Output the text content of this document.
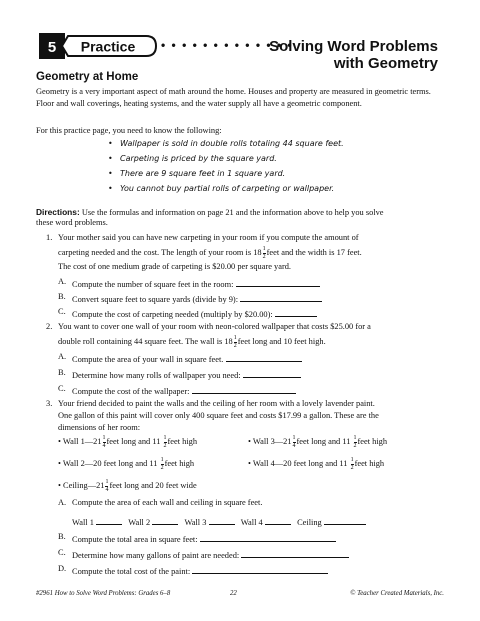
5 Practice • • • • • • • • • • • • •
Solving Word Problems
with Geometry
Geometry at Home
Geometry is a very important aspect of math around the home. Houses and property are measured in geometric terms. Floor and wall coverings, heating systems, and the water supply all have a geometric component.
For this practice page, you need to know the following:
• Wallpaper is sold in double rolls totaling 44 square feet.
• Carpeting is priced by the square yard.
• There are 9 square feet in 1 square yard.
• You cannot buy partial rolls of carpeting or wallpaper.
Directions: Use the formulas and information on page 21 and the information above to help you solve
these word problems.
1. Your mother said you can have new carpeting in your room if you compute the amount of
carpeting needed and the cost. The length of your room is $18 \frac{1}{2}$ feet and the width is 17 feet.
The cost of one medium grade of carpeting is $20.00 per square yard.
A. Compute the number of square feet in the room:
B. Convert square feet to square yards (divide by 9):
C. Compute the cost of carpeting needed (multiply by $20.00):
2. You want to cover one wall of your room with neon-colored wallpaper that costs $25.00 for a
double roll containing 44 square feet. The wall is $18 \frac{1}{2}$ feet long and 10 feet high.
A. Compute the area of your wall in square feet.
B. Determine how many rolls of wallpaper you need:
C. Compute the cost of the wallpaper:
3. Your friend decided to paint the walls and the ceiling of her room with a lovely lavender paint.
One gallon of this paint will cover only 400 square feet and costs $17.99 a gallon. These are the
dimensions of her room:
• Wall 1—21 $\frac{1}{4}$ feet long and $11 \frac{1}{2}$ feet high	• Wall 3—21 $\frac{1}{4}$ feet long and $11 \frac{1}{2}$ feet high
• Wall 2—20 feet long and $11 \frac{1}{2}$ feet high	• Wall 4—20 feet long and $11 \frac{1}{2}$ feet high
• Ceiling—21 $\frac{1}{4}$ feet long and 20 feet wide
A. Compute the area of each wall and ceiling in square feet.
Wall 1	Wall 2	Wall 3	Wall 4	Ceiling
B. Compute the total area in square feet:
C. Determine how many gallons of paint are needed:
D. Compute the total cost of the paint:
#2961 How to Solve Word Problems: Grades 6–8	22	© Teacher Created Materials, Inc.
